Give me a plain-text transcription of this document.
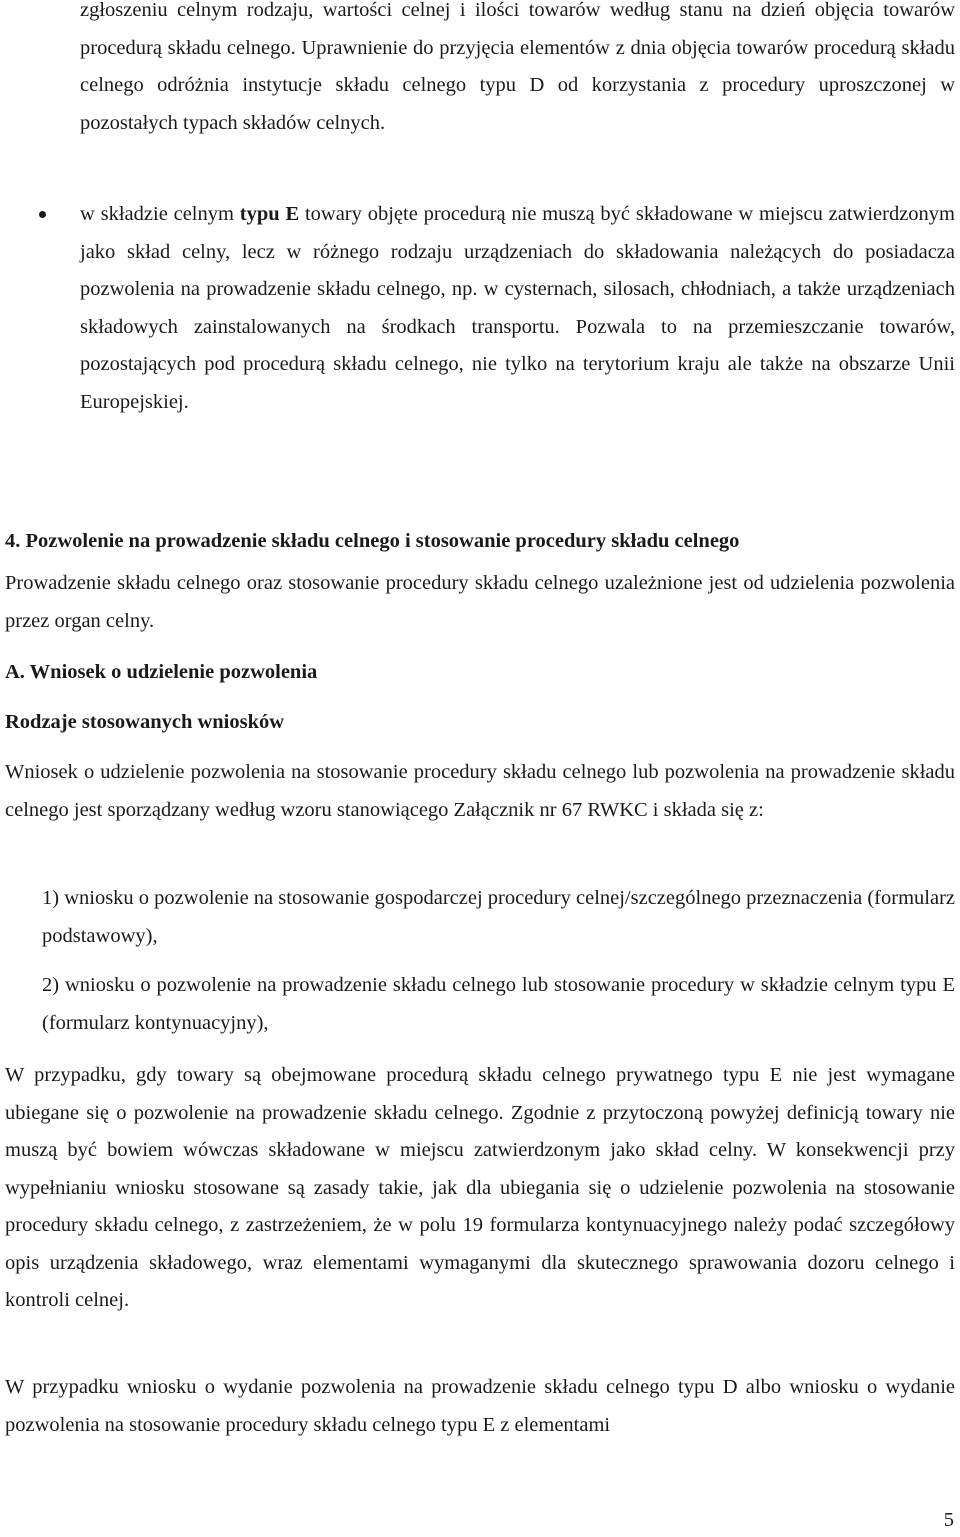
zgłoszeniu celnym rodzaju, wartości celnej i ilości towarów według stanu na dzień objęcia towarów procedurą składu celnego. Uprawnienie do przyjęcia elementów z dnia objęcia towarów procedurą składu celnego odróżnia instytucje składu celnego typu D od korzystania z procedury uproszczonej w pozostałych typach składów celnych.

w składzie celnym typu E towary objęte procedurą nie muszą być składowane w miejscu zatwierdzonym jako skład celny, lecz w różnego rodzaju urządzeniach do składowania należących do posiadacza pozwolenia na prowadzenie składu celnego, np. w cysternach, silosach, chłodniach, a także urządzeniach składowych zainstalowanych na środkach transportu. Pozwala to na przemieszczanie towarów, pozostających pod procedurą składu celnego, nie tylko na terytorium kraju ale także na obszarze Unii Europejskiej.

4. Pozwolenie na prowadzenie składu celnego i stosowanie procedury składu celnego

Prowadzenie składu celnego oraz stosowanie procedury składu celnego uzależnione jest od udzielenia pozwolenia przez organ celny.

A. Wniosek o udzielenie pozwolenia
Rodzaje stosowanych wniosków

Wniosek o udzielenie pozwolenia na stosowanie procedury składu celnego lub pozwolenia na prowadzenie składu celnego jest sporządzany według wzoru stanowiącego Załącznik nr 67 RWKC i składa się z:

1) wniosku o pozwolenie na stosowanie gospodarczej procedury celnej/szczególnego przeznaczenia (formularz podstawowy),

2) wniosku o pozwolenie na prowadzenie składu celnego lub stosowanie procedury w składzie celnym typu E (formularz kontynuacyjny),

W przypadku, gdy towary są obejmowane procedurą składu celnego prywatnego typu E nie jest wymagane ubiegane się o pozwolenie na prowadzenie składu celnego. Zgodnie z przytoczoną powyżej definicją towary nie muszą być bowiem wówczas składowane w miejscu zatwierdzonym jako skład celny. W konsekwencji przy wypełnianiu wniosku stosowane są zasady takie, jak dla ubiegania się o udzielenie pozwolenia na stosowanie procedury składu celnego, z zastrzeżeniem, że w polu 19 formularza kontynuacyjnego należy podać szczegółowy opis urządzenia składowego, wraz elementami wymaganymi dla skutecznego sprawowania dozoru celnego i kontroli celnej.

W przypadku wniosku o wydanie pozwolenia na prowadzenie składu celnego typu D albo wniosku o wydanie pozwolenia na stosowanie procedury składu celnego typu E z elementami

5
